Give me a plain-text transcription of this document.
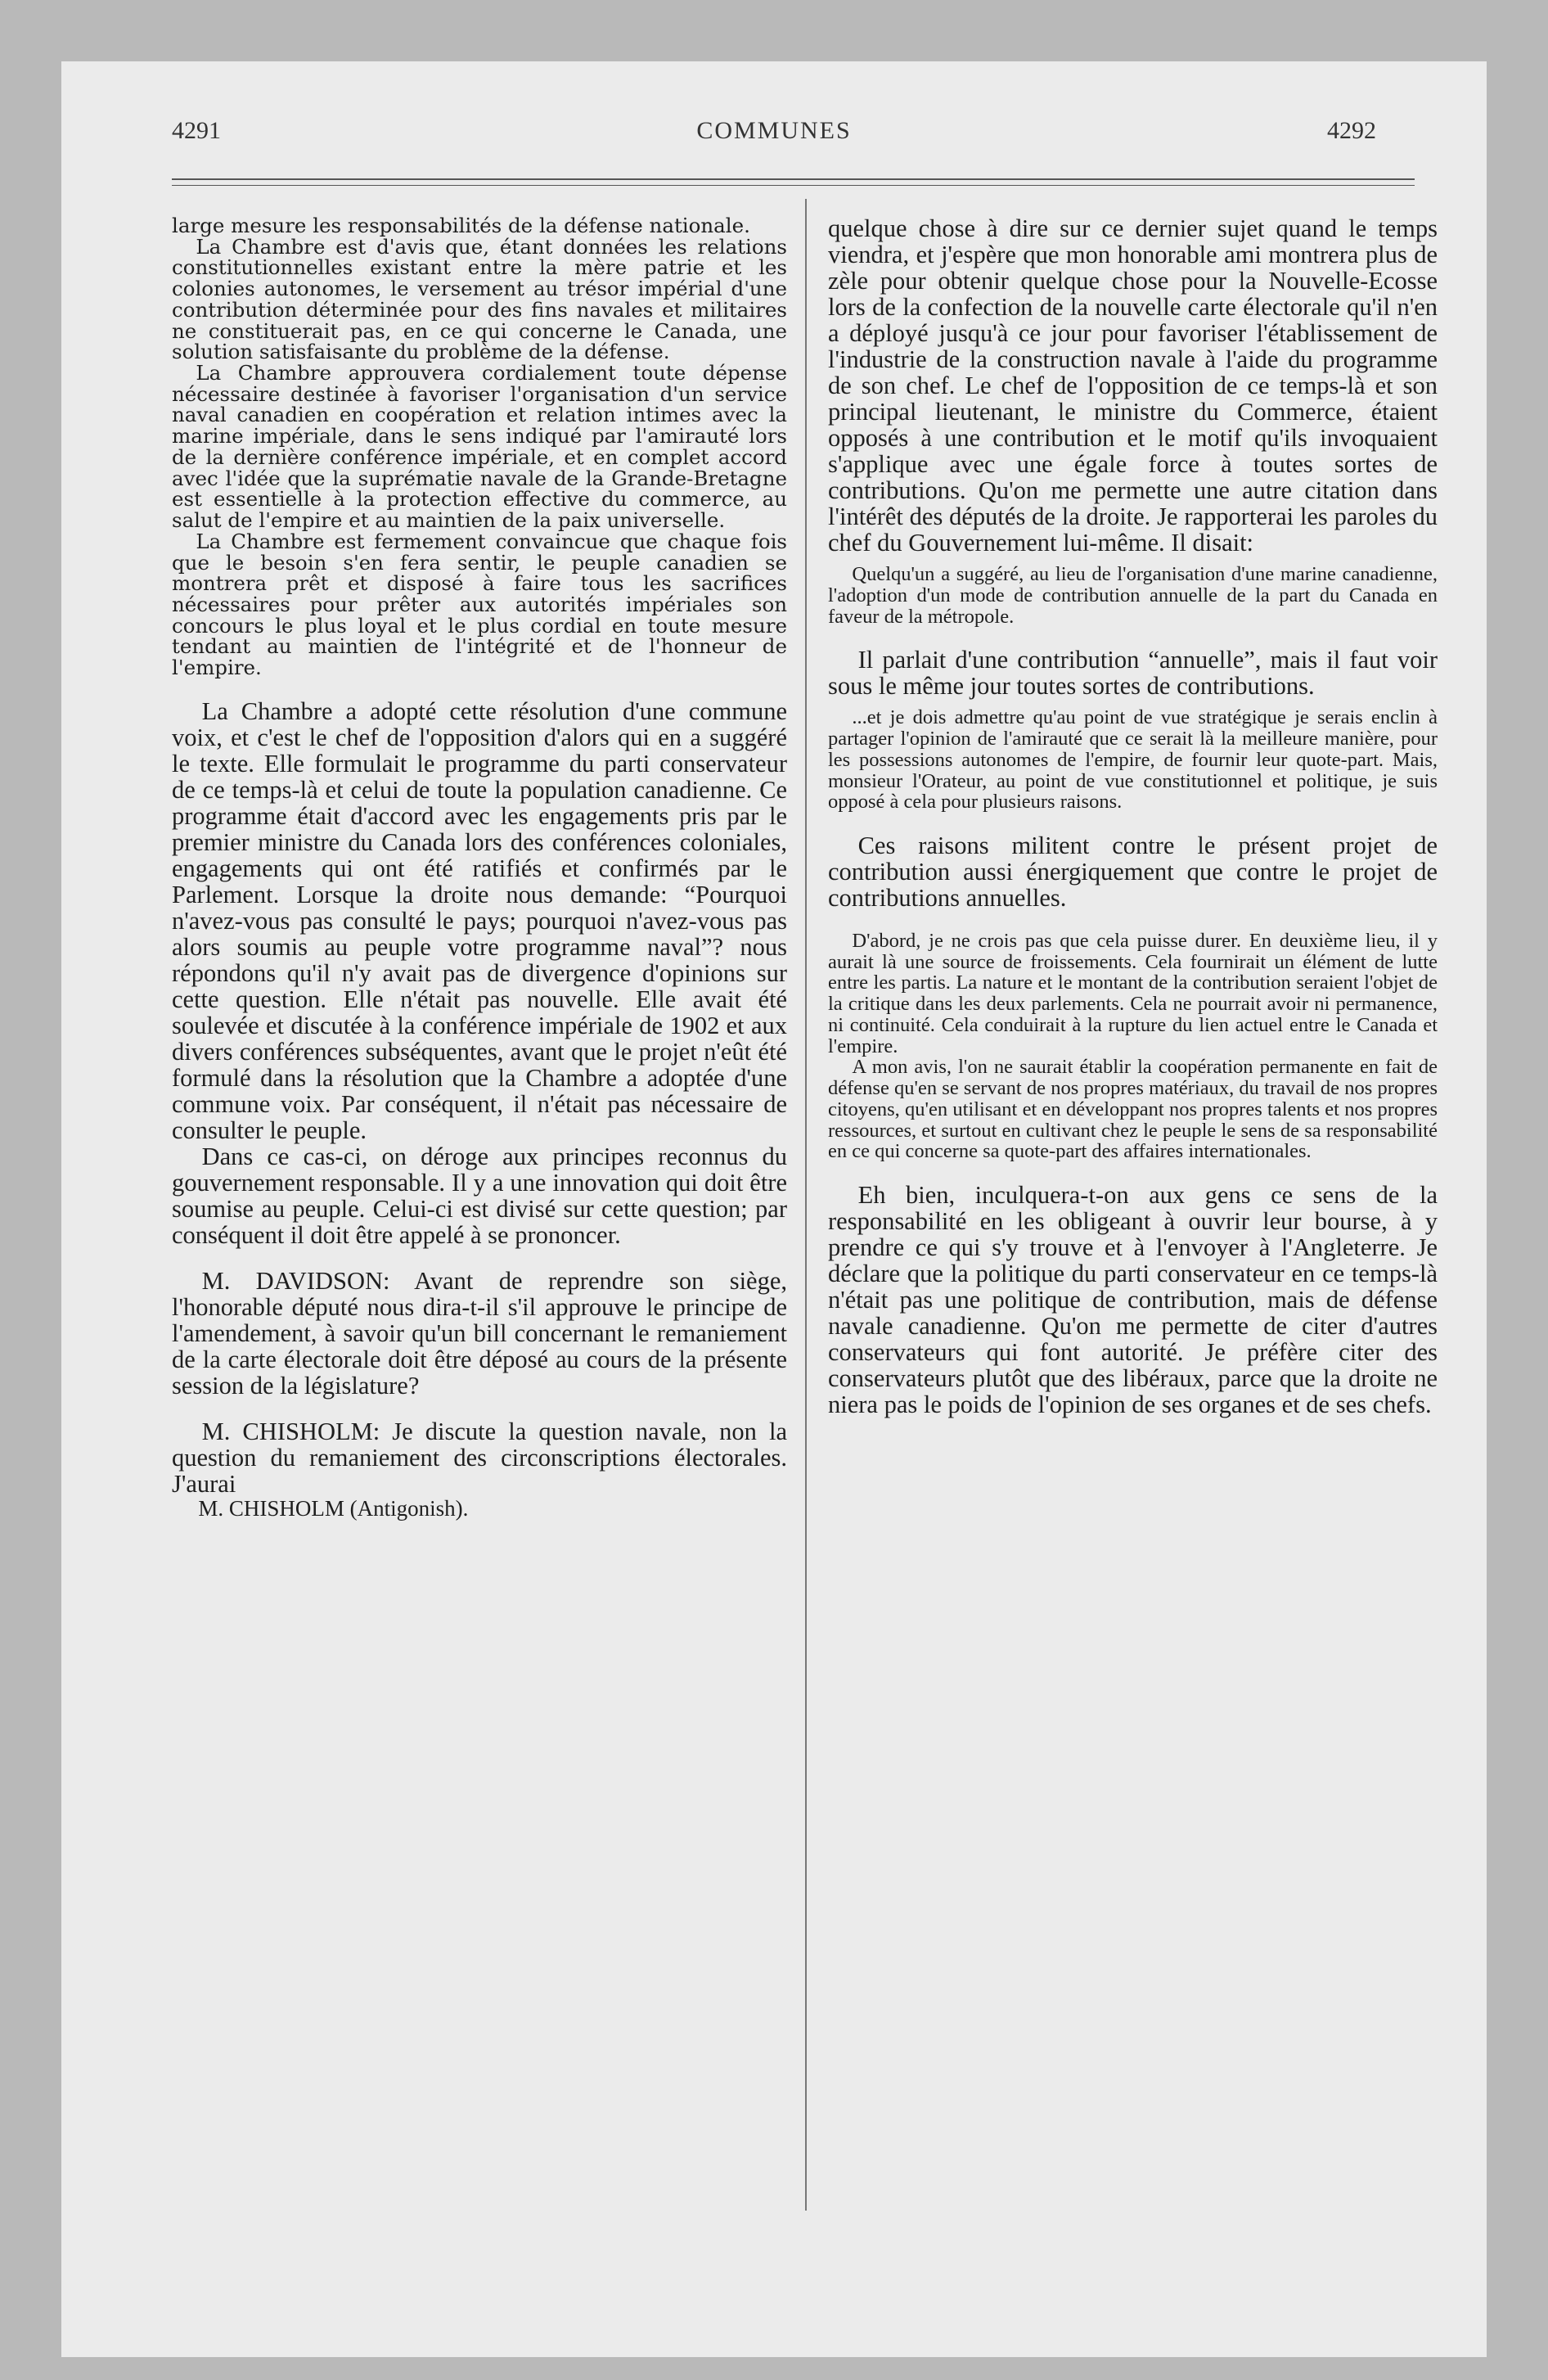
4291	COMMUNES	4292

large mesure les responsabilités de la défense nationale.

La Chambre est d'avis que, étant données les relations constitutionnelles existant entre la mère patrie et les colonies autonomes, le versement au trésor impérial d'une contribution déterminée pour des fins navales et militaires ne constituerait pas, en ce qui concerne le Canada, une solution satisfaisante du problème de la défense.

La Chambre approuvera cordialement toute dépense nécessaire destinée à favoriser l'organisation d'un service naval canadien en coopération et relation intimes avec la marine impériale, dans le sens indiqué par l'amirauté lors de la dernière conférence impériale, et en complet accord avec l'idée que la suprématie navale de la Grande-Bretagne est essentielle à la protection effective du commerce, au salut de l'empire et au maintien de la paix universelle.

La Chambre est fermement convaincue que chaque fois que le besoin s'en fera sentir, le peuple canadien se montrera prêt et disposé à faire tous les sacrifices nécessaires pour prêter aux autorités impériales son concours le plus loyal et le plus cordial en toute mesure tendant au maintien de l'intégrité et de l'honneur de l'empire.

La Chambre a adopté cette résolution d'une commune voix, et c'est le chef de l'opposition d'alors qui en a suggéré le texte. Elle formulait le programme du parti conservateur de ce temps-là et celui de toute la population canadienne. Ce programme était d'accord avec les engagements pris par le premier ministre du Canada lors des conférences coloniales, engagements qui ont été ratifiés et confirmés par le Parlement. Lorsque la droite nous demande: “Pourquoi n'avez-vous pas consulté le pays; pourquoi n'avez-vous pas alors soumis au peuple votre programme naval”? nous répondons qu'il n'y avait pas de divergence d'opinions sur cette question. Elle n'était pas nouvelle. Elle avait été soulevée et discutée à la conférence impériale de 1902 et aux divers conférences subséquentes, avant que le projet n'eût été formulé dans la résolution que la Chambre a adoptée d'une commune voix. Par conséquent, il n'était pas nécessaire de consulter le peuple.

Dans ce cas-ci, on déroge aux principes reconnus du gouvernement responsable. Il y a une innovation qui doit être soumise au peuple. Celui-ci est divisé sur cette question; par conséquent il doit être appelé à se prononcer.

M. DAVIDSON: Avant de reprendre son siège, l'honorable député nous dira-t-il s'il approuve le principe de l'amendement, à savoir qu'un bill concernant le remaniement de la carte électorale doit être déposé au cours de la présente session de la législature?

M. CHISHOLM: Je discute la question navale, non la question du remaniement des circonscriptions électorales. J'aurai

M. CHISHOLM (Antigonish).

quelque chose à dire sur ce dernier sujet quand le temps viendra, et j'espère que mon honorable ami montrera plus de zèle pour obtenir quelque chose pour la Nouvelle-Ecosse lors de la confection de la nouvelle carte électorale qu'il n'en a déployé jusqu'à ce jour pour favoriser l'établissement de l'industrie de la construction navale à l'aide du programme de son chef. Le chef de l'opposition de ce temps-là et son principal lieutenant, le ministre du Commerce, étaient opposés à une contribution et le motif qu'ils invoquaient s'applique avec une égale force à toutes sortes de contributions. Qu'on me permette une autre citation dans l'intérêt des députés de la droite. Je rapporterai les paroles du chef du Gouvernement lui-même. Il disait:

Quelqu'un a suggéré, au lieu de l'organisation d'une marine canadienne, l'adoption d'un mode de contribution annuelle de la part du Canada en faveur de la métropole.

Il parlait d'une contribution “annuelle”, mais il faut voir sous le même jour toutes sortes de contributions.

...et je dois admettre qu'au point de vue stratégique je serais enclin à partager l'opinion de l'amirauté que ce serait là la meilleure manière, pour les possessions autonomes de l'empire, de fournir leur quote-part. Mais, monsieur l'Orateur, au point de vue constitutionnel et politique, je suis opposé à cela pour plusieurs raisons.

Ces raisons militent contre le présent projet de contribution aussi énergiquement que contre le projet de contributions annuelles.

D'abord, je ne crois pas que cela puisse durer. En deuxième lieu, il y aurait là une source de froissements. Cela fournirait un élément de lutte entre les partis. La nature et le montant de la contribution seraient l'objet de la critique dans les deux parlements. Cela ne pourrait avoir ni permanence, ni continuité. Cela conduirait à la rupture du lien actuel entre le Canada et l'empire.

A mon avis, l'on ne saurait établir la coopération permanente en fait de défense qu'en se servant de nos propres matériaux, du travail de nos propres citoyens, qu'en utilisant et en développant nos propres talents et nos propres ressources, et surtout en cultivant chez le peuple le sens de sa responsabilité en ce qui concerne sa quote-part des affaires internationales.

Eh bien, inculquera-t-on aux gens ce sens de la responsabilité en les obligeant à ouvrir leur bourse, à y prendre ce qui s'y trouve et à l'envoyer à l'Angleterre. Je déclare que la politique du parti conservateur en ce temps-là n'était pas une politique de contribution, mais de défense navale canadienne. Qu'on me permette de citer d'autres conservateurs qui font autorité. Je préfère citer des conservateurs plutôt que des libéraux, parce que la droite ne niera pas le poids de l'opinion de ses organes et de ses chefs.
